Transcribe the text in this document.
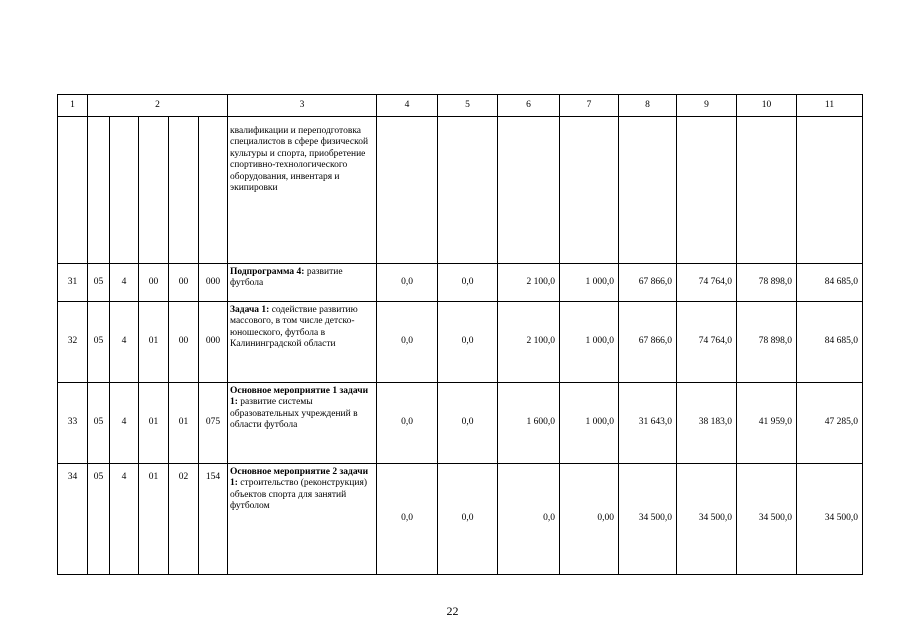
1	2					3	4	5	6	7	8	9	10	11
						квалификации и переподготовка специалистов в сфере физической культуры и спорта, приобретение спортивно-технологического оборудования, инвентаря и экипировки								
31	05	4	00	00	000	Подпрограмма 4: развитие футбола	0,0	0,0	2 100,0	1 000,0	67 866,0	74 764,0	78 898,0	84 685,0
32	05	4	01	00	000	Задача 1: содействие развитию массового, в том числе детско-юношеского, футбола в Калининградской области	0,0	0,0	2 100,0	1 000,0	67 866,0	74 764,0	78 898,0	84 685,0
33	05	4	01	01	075	Основное мероприятие 1 задачи 1: развитие системы образовательных учреждений в области футбола	0,0	0,0	1 600,0	1 000,0	31 643,0	38 183,0	41 959,0	47 285,0
34	05	4	01	02	154	Основное мероприятие 2 задачи 1: строительство (реконструкция) объектов спорта для занятий футболом	0,0	0,0	0,0	0,00	34 500,0	34 500,0	34 500,0	34 500,0
22
